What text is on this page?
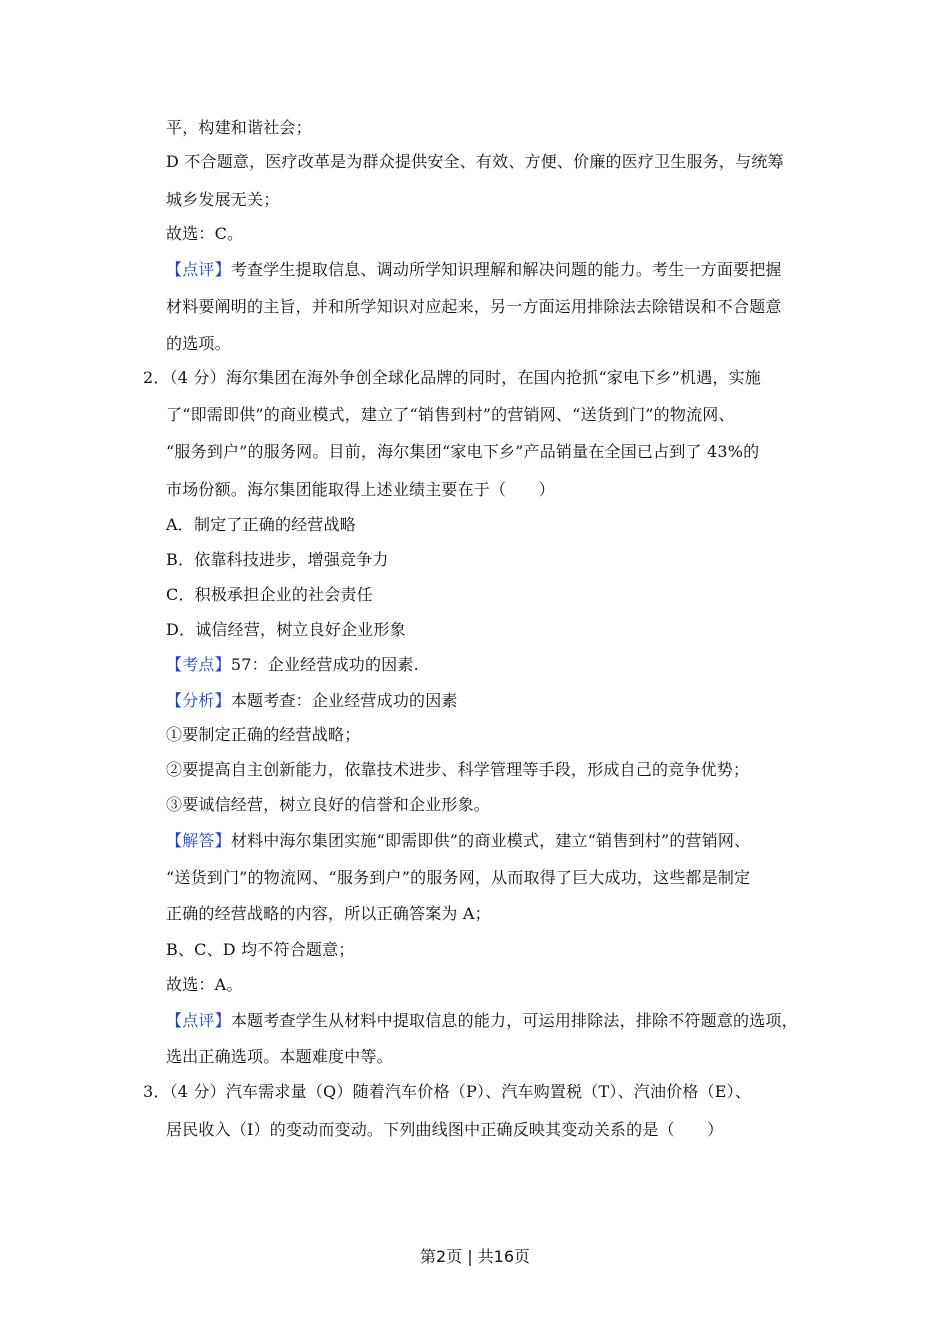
平，构建和谐社会；
D 不合题意，医疗改革是为群众提供安全、有效、方便、价廉的医疗卫生服务，与统筹
城乡发展无关；
故选：C。
【点评】考查学生提取信息、调动所学知识理解和解决问题的能力。考生一方面要把握
材料要阐明的主旨，并和所学知识对应起来，另一方面运用排除法去除错误和不合题意
的选项。
2．（4 分）海尔集团在海外争创全球化品牌的同时，在国内抢抓“家电下乡”机遇，实施
了“即需即供”的商业模式，建立了“销售到村”的营销网、“送货到门”的物流网、
“服务到户”的服务网。目前，海尔集团“家电下乡”产品销量在全国已占到了 43%的
市场份额。海尔集团能取得上述业绩主要在于（　　）
A．制定了正确的经营战略
B．依靠科技进步，增强竞争力
C．积极承担企业的社会责任
D．诚信经营，树立良好企业形象
【考点】57：企业经营成功的因素.
【分析】本题考查：企业经营成功的因素
①要制定正确的经营战略；
②要提高自主创新能力，依靠技术进步、科学管理等手段，形成自己的竞争优势；
③要诚信经营，树立良好的信誉和企业形象。
【解答】材料中海尔集团实施“即需即供”的商业模式，建立“销售到村”的营销网、
“送货到门”的物流网、“服务到户”的服务网，从而取得了巨大成功，这些都是制定
正确的经营战略的内容，所以正确答案为 A；
B、C、D 均不符合题意；
故选：A。
【点评】本题考查学生从材料中提取信息的能力，可运用排除法，排除不符题意的选项，
选出正确选项。本题难度中等。
3．（4 分）汽车需求量（Q）随着汽车价格（P）、汽车购置税（T）、汽油价格（E）、
居民收入（I）的变动而变动。下列曲线图中正确反映其变动关系的是（　　）
第2页 | 共16页
